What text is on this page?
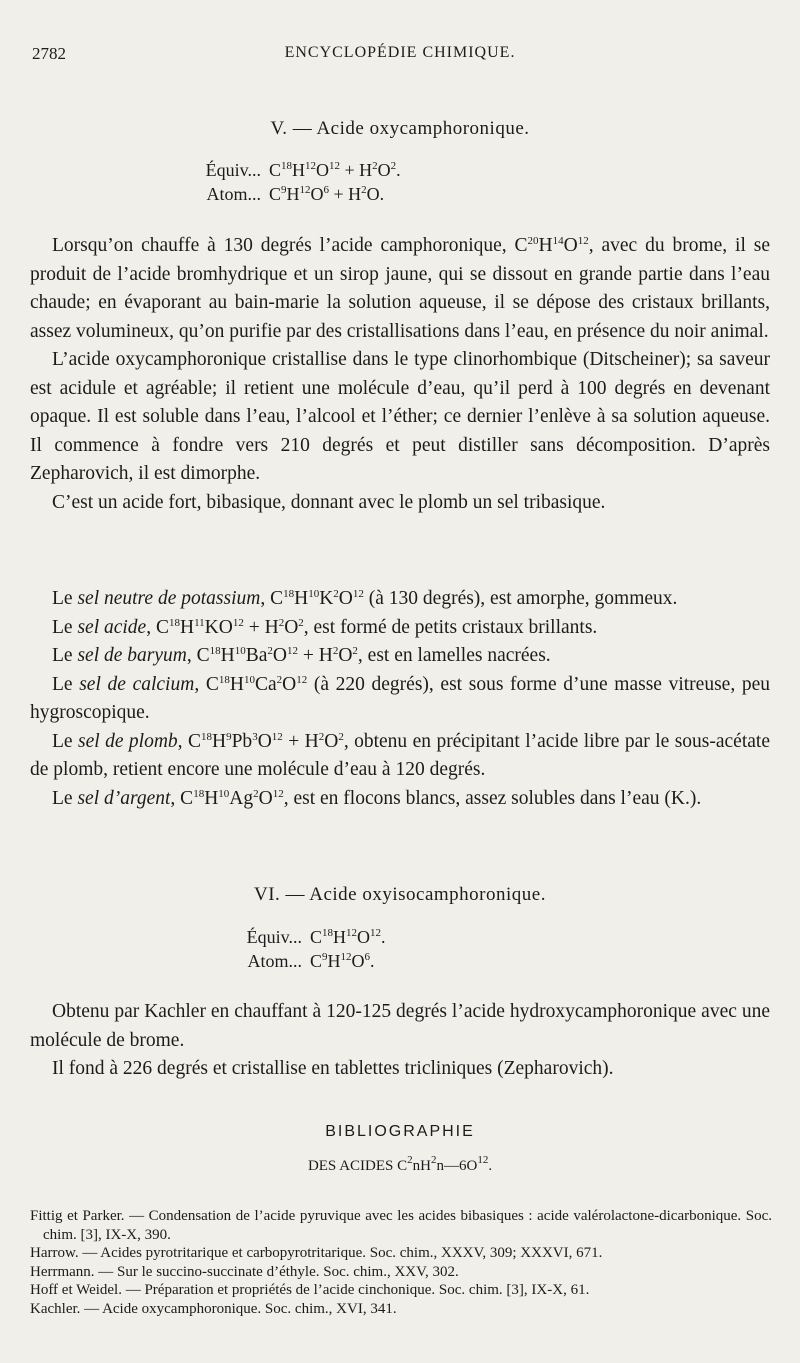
2782	ENCYCLOPÉDIE CHIMIQUE.
V. — Acide oxycamphoronique.
Équiv... $C^{18}H^{12}O^{12} + H^2O^2$.
Atom... $C^9H^{12}O^6 + H^2O$.

Lorsqu’on chauffe à 130 degrés l’acide camphoronique, $C^{20}H^{14}O^{12}$, avec du brome, il se produit de l’acide bromhydrique et un sirop jaune, qui se dissout en grande partie dans l’eau chaude; en évaporant au bain-marie la solution aqueuse, il se dépose des cristaux brillants, assez volumineux, qu’on purifie par des cristallisations dans l’eau, en présence du noir animal.

L’acide oxycamphoronique cristallise dans le type clinorhombique (Ditscheiner); sa saveur est acidule et agréable; il retient une molécule d’eau, qu’il perd à 100 degrés en devenant opaque. Il est soluble dans l’eau, l’alcool et l’éther; ce dernier l’enlève à sa solution aqueuse. Il commence à fondre vers 210 degrés et peut distiller sans décomposition. D’après Zepharovich, il est dimorphe.

C’est un acide fort, bibasique, donnant avec le plomb un sel tribasique.

Le sel neutre de potassium, $C^{18}H^{10}K^2O^{12}$ (à 130 degrés), est amorphe, gommeux.

Le sel acide, $C^{18}H^{11}KO^{12} + H^2O^2$, est formé de petits cristaux brillants.

Le sel de baryum, $C^{18}H^{10}Ba^2O^{12} + H^2O^2$, est en lamelles nacrées.

Le sel de calcium, $C^{18}H^{10}Ca^2O^{12}$ (à 220 degrés), est sous forme d’une masse vitreuse, peu hygroscopique.

Le sel de plomb, $C^{18}H^9Pb^3O^{12} + H^2O^2$, obtenu en précipitant l’acide libre par le sous-acétate de plomb, retient encore une molécule d’eau à 120 degrés.

Le sel d’argent, $C^{18}H^{10}Ag^2O^{12}$, est en flocons blancs, assez solubles dans l’eau (K.).

VI. — Acide oxyisocamphoronique.
Équiv... $C^{18}H^{12}O^{12}$.
Atom... $C^9H^{12}O^6$.

Obtenu par Kachler en chauffant à 120-125 degrés l’acide hydroxycamphoronique avec une molécule de brome.

Il fond à 226 degrés et cristallise en tablettes tricliniques (Zepharovich).

BIBLIOGRAPHIE
DES ACIDES $C^2nH^2n—6O^{12}$.

Fittig et Parker. — Condensation de l’acide pyruvique avec les acides bibasiques : acide valérolactone-dicarbonique. Soc. chim. [3], IX-X, 390.

Harrow. — Acides pyrotritarique et carbopyrotritarique. Soc. chim., XXXV, 309; XXXVI, 671.

Herrmann. — Sur le succino-succinate d’éthyle. Soc. chim., XXV, 302.

Hoff et Weidel. — Préparation et propriétés de l’acide cinchonique. Soc. chim. [3], IX-X, 61.

Kachler. — Acide oxycamphoronique. Soc. chim., XVI, 341.
